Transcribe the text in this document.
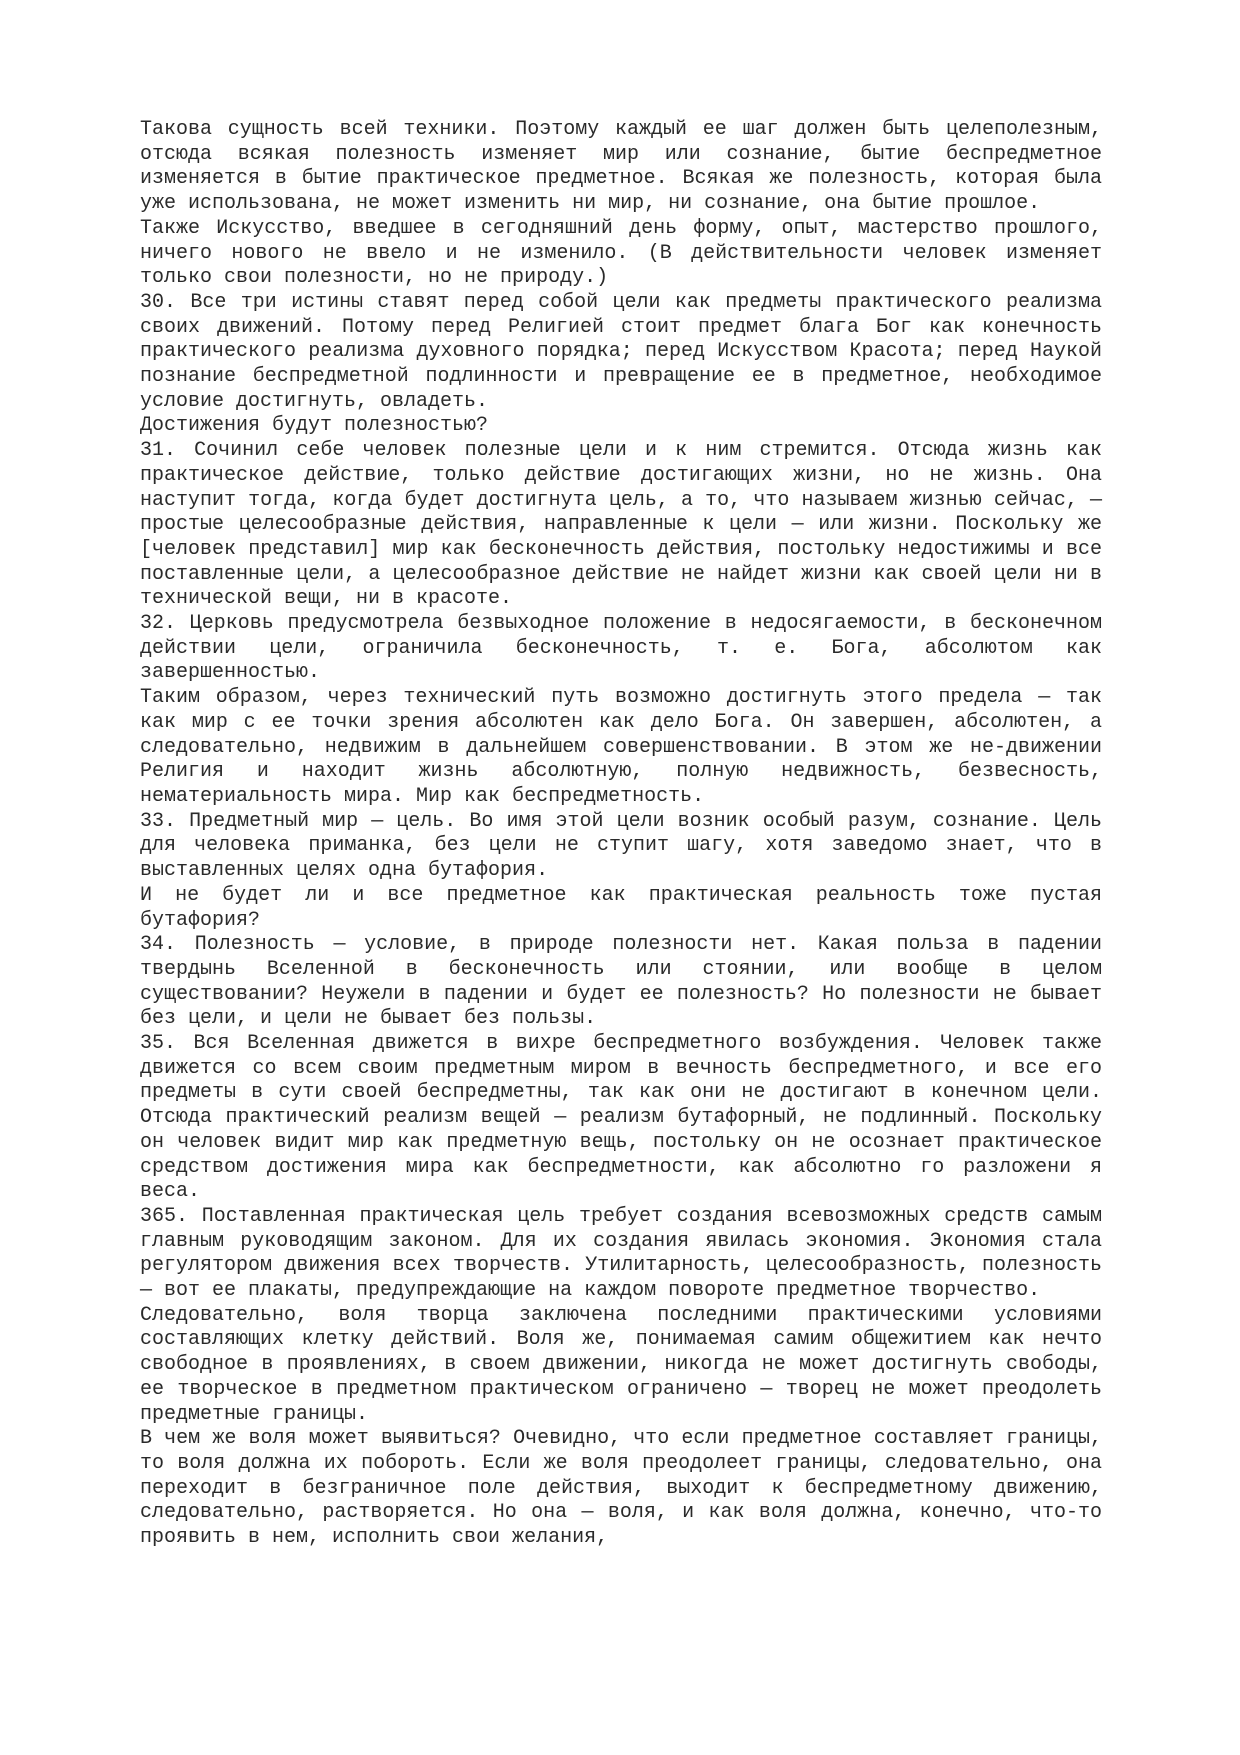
Такова сущность всей техники. Поэтому каждый ее шаг должен быть целеполезным, отсюда всякая полезность изменяет мир или сознание, бытие беспредметное изменяется в бытие практическое предметное. Всякая же полезность, которая была уже использована, не может изменить ни мир, ни сознание, она бытие прошлое.

Также Искусство, введшее в сегодняшний день форму, опыт, мастерство прошлого, ничего нового не ввело и не изменило. (В действительности человек изменяет только свои полезности, но не природу.)

30. Все три истины ставят перед собой цели как предметы практического реализма своих движений. Потому перед Религией стоит предмет блага Бог как конечность практического реализма духовного порядка; перед Искусством Красота; перед Наукой познание беспредметной подлинности и превращение ее в предметное, необходимое условие достигнуть, овладеть.

Достижения будут полезностью?

31. Сочинил себе человек полезные цели и к ним стремится. Отсюда жизнь как практическое действие, только действие достигающих жизни, но не жизнь. Она наступит тогда, когда будет достигнута цель, а то, что называем жизнью сейчас, — простые целесообразные действия, направленные к цели — или жизни. Поскольку же [человек представил] мир как бесконечность действия, постольку недостижимы и все поставленные цели, а целесообразное действие не найдет жизни как своей цели ни в технической вещи, ни в красоте.

32. Церковь предусмотрела безвыходное положение в недосягаемости, в бесконечном действии цели, ограничила бесконечность, т. е. Бога, абсолютом как завершенностью.

Таким образом, через технический путь возможно достигнуть этого предела — так как мир с ее точки зрения абсолютен как дело Бога. Он завершен, абсолютен, а следовательно, недвижим в дальнейшем совершенствовании. В этом же не-движении Религия и находит жизнь абсолютную, полную недвижность, безвесность, нематериальность мира. Мир как беспредметность.

33. Предметный мир — цель. Во имя этой цели возник особый разум, сознание. Цель для человека приманка, без цели не ступит шагу, хотя заведомо знает, что в выставленных целях одна бутафория.

И не будет ли и все предметное как практическая реальность тоже пустая бутафория?

34. Полезность — условие, в природе полезности нет. Какая польза в падении твердынь Вселенной в бесконечность или стоянии, или вообще в целом существовании? Неужели в падении и будет ее полезность? Но полезности не бывает без цели, и цели не бывает без пользы.

35. Вся Вселенная движется в вихре беспредметного возбуждения. Человек также движется со всем своим предметным миром в вечность беспредметного, и все его предметы в сути своей беспредметны, так как они не достигают в конечном цели. Отсюда практический реализм вещей — реализм бутафорный, не подлинный. Поскольку он человек видит мир как предметную вещь, постольку он не осознает практическое средством достижения мира как беспредметности, как абсолютно го разложени я веса.

365. Поставленная практическая цель требует создания всевозможных средств самым главным руководящим законом. Для их создания явилась экономия. Экономия стала регулятором движения всех творчеств. Утилитарность, целесообразность, полезность — вот ее плакаты, предупреждающие на каждом повороте предметное творчество.

Следовательно, воля творца заключена последними практическими условиями составляющих клетку действий. Воля же, понимаемая самим общежитием как нечто свободное в проявлениях, в своем движении, никогда не может достигнуть свободы, ее творческое в предметном практическом ограничено — творец не может преодолеть предметные границы.

В чем же воля может выявиться? Очевидно, что если предметное составляет границы, то воля должна их побороть. Если же воля преодолеет границы, следовательно, она переходит в безграничное поле действия, выходит к беспредметному движению, следовательно, растворяется. Но она — воля, и как воля должна, конечно, что-то проявить в нем, исполнить свои желания,
